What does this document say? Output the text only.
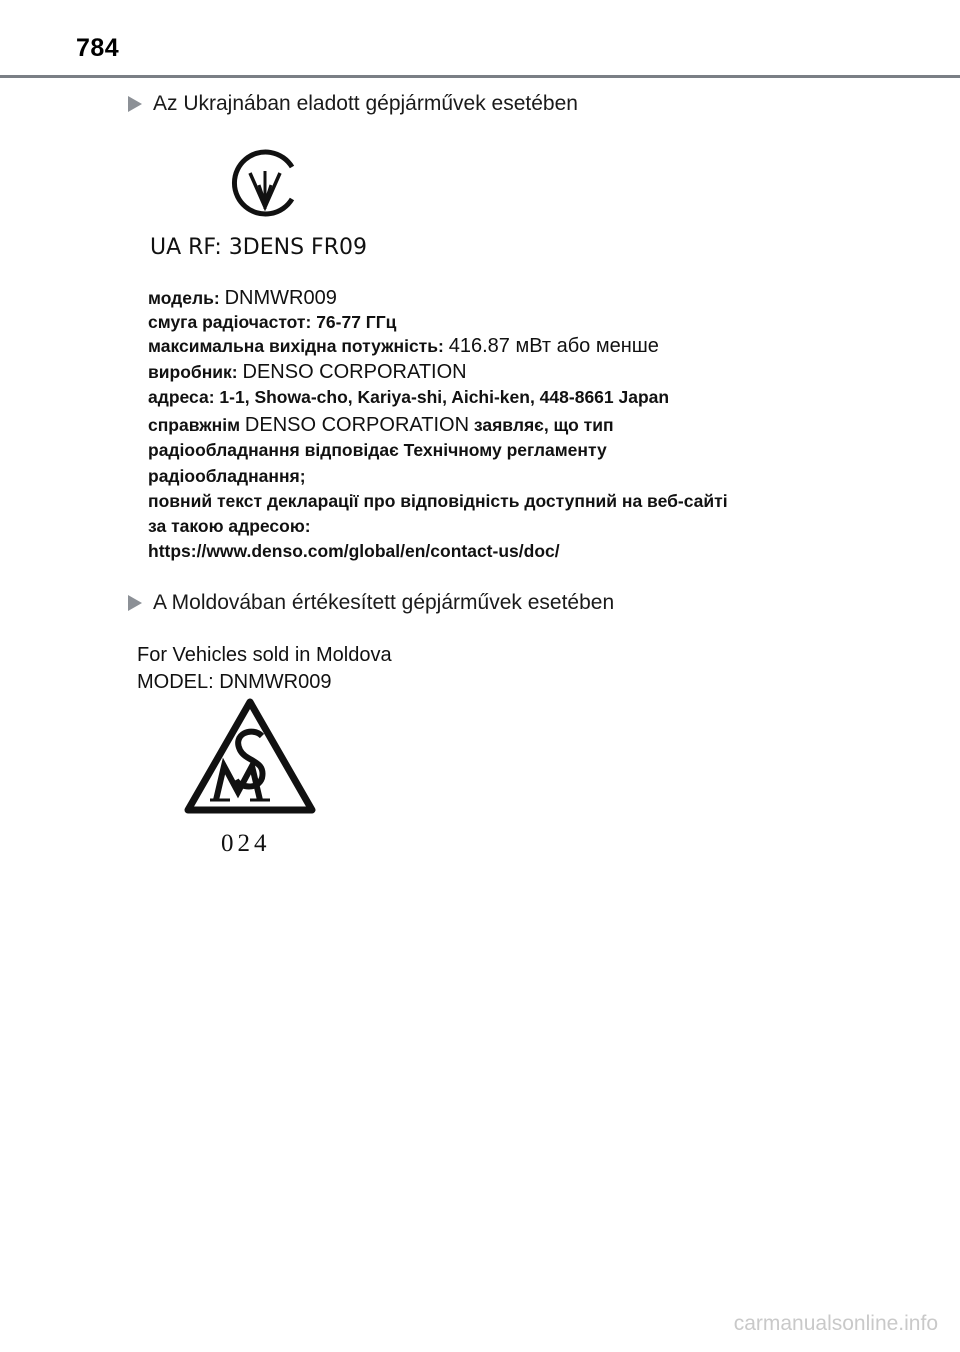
784
Az Ukrajnában eladott gépjárművek esetében
UA RF: 3DENS FR09
модель: DNMWR009
смуга радіочастот: 76-77 ГГц
максимальна вихідна потужність: 416.87 мВт або менше
виробник: DENSO CORPORATION
адреса: 1-1, Showa-cho, Kariya-shi, Aichi-ken, 448-8661 Japan
справжнім DENSO CORPORATION заявляє, що тип
радіообладнання відповідає Технічному регламенту
радіообладнання;
повний текст декларації про відповідність доступний на веб-сайті
за такою адресою:
https://www.denso.com/global/en/contact-us/doc/
A Moldovában értékesített gépjárművek esetében
For Vehicles sold in Moldova
MODEL: DNMWR009
024
carmanualsonline.info
